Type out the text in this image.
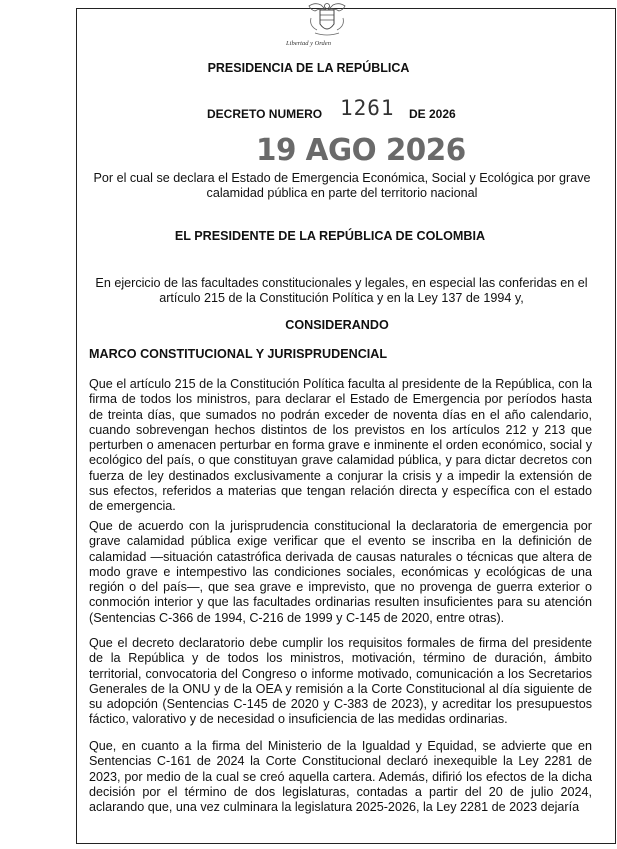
Libertad y Orden
PRESIDENCIA DE LA REPÚBLICA
DECRETO NUMERO 1261 DE 2026
19 AGO 2026
Por el cual se declara el Estado de Emergencia Económica, Social y Ecológica por grave calamidad pública en parte del territorio nacional
EL PRESIDENTE DE LA REPÚBLICA DE COLOMBIA
En ejercicio de las facultades constitucionales y legales, en especial las conferidas en el artículo 215 de la Constitución Política y en la Ley 137 de 1994 y,
CONSIDERANDO
MARCO CONSTITUCIONAL Y JURISPRUDENCIAL
Que el artículo 215 de la Constitución Política faculta al presidente de la República, con la firma de todos los ministros, para declarar el Estado de Emergencia por períodos hasta de treinta días, que sumados no podrán exceder de noventa días en el año calendario, cuando sobrevengan hechos distintos de los previstos en los artículos 212 y 213 que perturben o amenacen perturbar en forma grave e inminente el orden económico, social y ecológico del país, o que constituyan grave calamidad pública, y para dictar decretos con fuerza de ley destinados exclusivamente a conjurar la crisis y a impedir la extensión de sus efectos, referidos a materias que tengan relación directa y específica con el estado de emergencia.
Que de acuerdo con la jurisprudencia constitucional la declaratoria de emergencia por grave calamidad pública exige verificar que el evento se inscriba en la definición de calamidad —situación catastrófica derivada de causas naturales o técnicas que altera de modo grave e intempestivo las condiciones sociales, económicas y ecológicas de una región o del país—, que sea grave e imprevisto, que no provenga de guerra exterior o conmoción interior y que las facultades ordinarias resulten insuficientes para su atención (Sentencias C-366 de 1994, C-216 de 1999 y C-145 de 2020, entre otras).
Que el decreto declaratorio debe cumplir los requisitos formales de firma del presidente de la República y de todos los ministros, motivación, término de duración, ámbito territorial, convocatoria del Congreso o informe motivado, comunicación a los Secretarios Generales de la ONU y de la OEA y remisión a la Corte Constitucional al día siguiente de su adopción (Sentencias C-145 de 2020 y C-383 de 2023), y acreditar los presupuestos fáctico, valorativo y de necesidad o insuficiencia de las medidas ordinarias.
Que, en cuanto a la firma del Ministerio de la Igualdad y Equidad, se advierte que en Sentencias C-161 de 2024 la Corte Constitucional declaró inexequible la Ley 2281 de 2023, por medio de la cual se creó aquella cartera. Además, difirió los efectos de la dicha decisión por el término de dos legislaturas, contadas a partir del 20 de julio 2024, aclarando que, una vez culminara la legislatura 2025-2026, la Ley 2281 de 2023 dejaría
